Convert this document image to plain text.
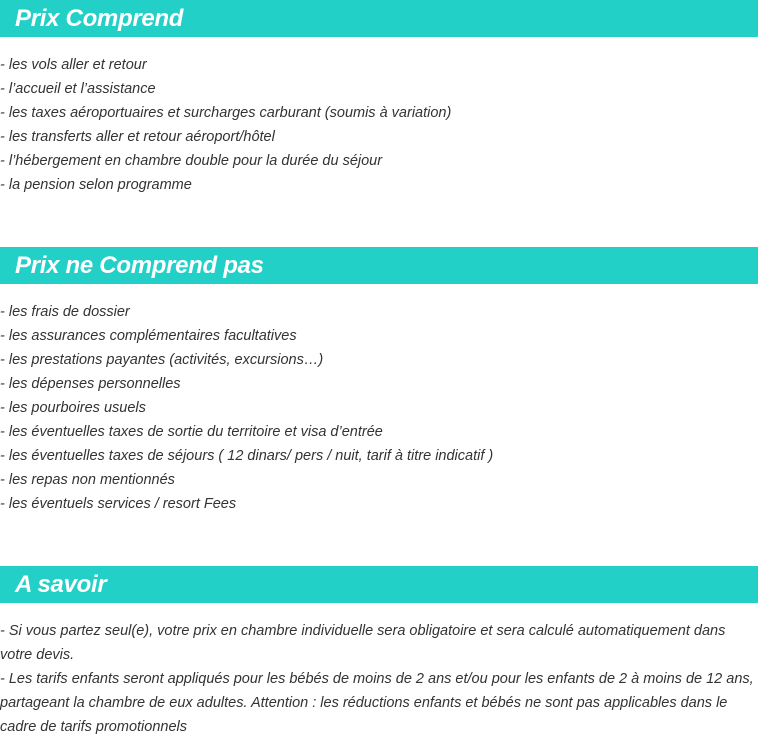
Prix Comprend
- les vols aller et retour
- l’accueil et l’assistance
- les taxes aéroportuaires et surcharges carburant (soumis à variation)
- les transferts aller et retour aéroport/hôtel
- l’hébergement en chambre double pour la durée du séjour
- la pension selon programme
Prix ne Comprend pas
- les frais de dossier
- les assurances complémentaires facultatives
- les prestations payantes (activités, excursions…)
- les dépenses personnelles
- les pourboires usuels
- les éventuelles taxes de sortie du territoire et visa d’entrée
- les éventuelles taxes de séjours ( 12 dinars/ pers / nuit, tarif à titre indicatif )
- les repas non mentionnés
- les éventuels services / resort Fees
A savoir

- Si vous partez seul(e), votre prix en chambre individuelle sera obligatoire et sera calculé automatiquement dans votre devis.

- Les tarifs enfants seront appliqués pour les bébés de moins de 2 ans et/ou pour les enfants de 2 à moins de 12 ans, partageant la chambre de eux adultes. Attention : les réductions enfants et bébés ne sont pas applicables dans le cadre de tarifs promotionnels
